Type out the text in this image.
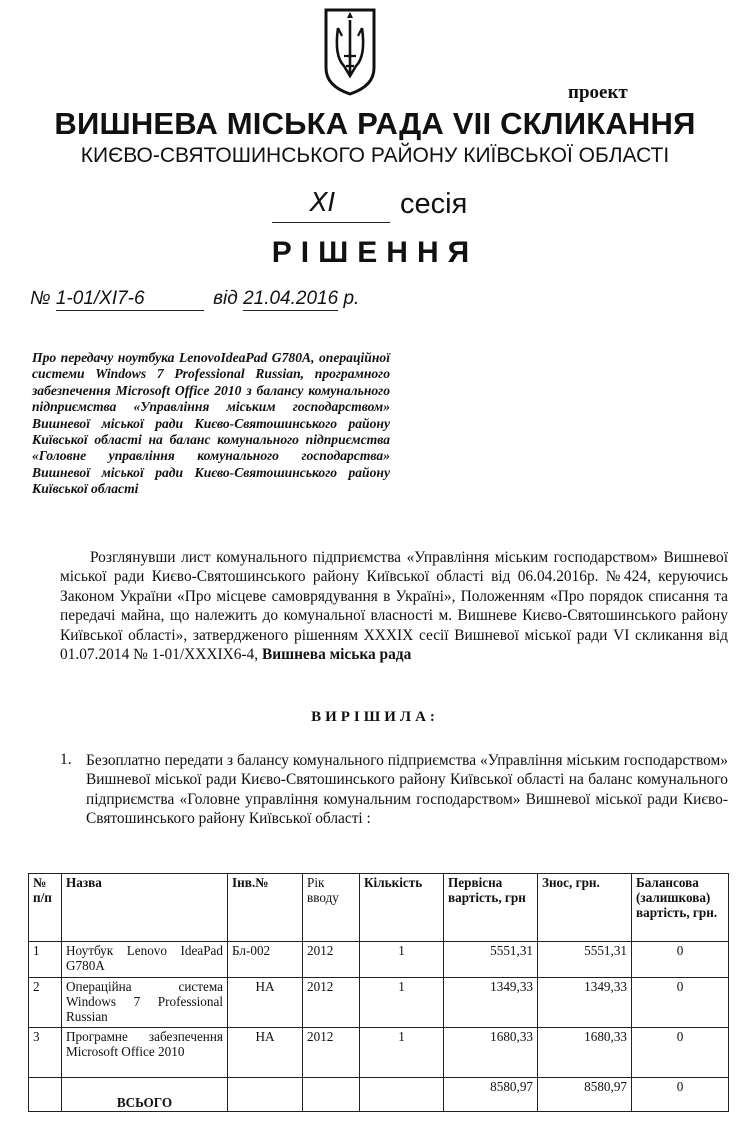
проект
ВИШНЕВА МІСЬКА РАДА VII СКЛИКАННЯ
КИЄВО-СВЯТОШИНСЬКОГО РАЙОНУ КИЇВСЬКОЇ ОБЛАСТІ
ХІ сесія
РІШЕННЯ
№ 1-01/ХІ7-6	від 21.04.2016 р.
Про передачу ноутбука LenovoIdeaPad G780A, операційної системи Windows 7 Professional Russian, програмного забезпечення Microsoft Office 2010 з балансу комунального підприємства «Управління міським господарством» Вишневої міської ради Києво-Святошинського району Київської області на баланс комунального підприємства «Головне управління комунального господарства» Вишневої міської ради Києво-Святошинського району Київської області
Розглянувши лист комунального підприємства «Управління міським господарством» Вишневої міської ради Києво-Святошинського району Київської області від 06.04.2016р. №424, керуючись Законом України «Про місцеве самоврядування в Україні», Положенням «Про порядок списання та передачі майна, що належить до комунальної власності м. Вишневе Києво-Святошинського району Київської області», затвердженого рішенням XXXIX сесії Вишневої міської ради VI скликання від 01.07.2014 № 1-01/XXXIX6-4, Вишнева міська рада
ВИРІШИЛА:
1. Безоплатно передати з балансу комунального підприємства «Управління міським господарством» Вишневої міської ради Києво-Святошинського району Київської області на баланс комунального підприємства «Головне управління комунальним господарством» Вишневої міської ради Києво-Святошинського району Київської області :
№ п/п	Назва	Інв.№	Рік вводу	Кількість	Первісна вартість, грн	Знос, грн.	Балансова (залишкова) вартість, грн.
1	Ноутбук Lenovo IdeaPad G780A	Бл-002	2012	1	5551,31	5551,31	0
2	Операційна система Windows 7 Professional Russian	НА	2012	1	1349,33	1349,33	0
3	Програмне забезпечення Microsoft Office 2010	НА	2012	1	1680,33	1680,33	0
	ВСЬОГО				8580,97	8580,97	0
